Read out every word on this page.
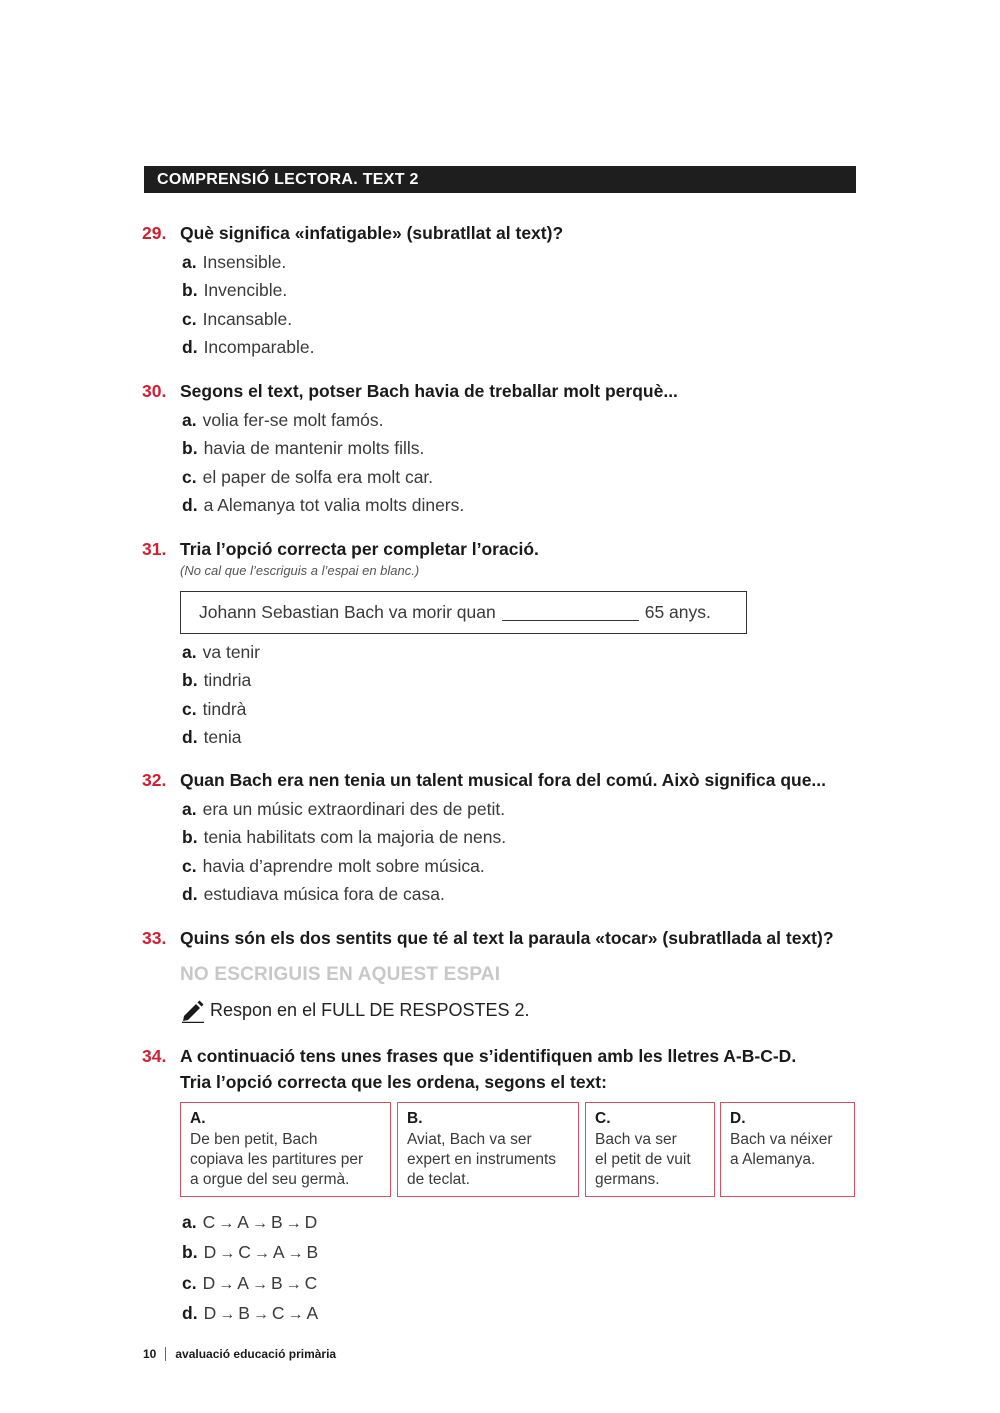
COMPRENSIÓ LECTORA. TEXT 2
29. Què significa «infatigable» (subratllat al text)?
a. Insensible.
b. Invencible.
c. Incansable.
d. Incomparable.
30. Segons el text, potser Bach havia de treballar molt perquè...
a. volia fer-se molt famós.
b. havia de mantenir molts fills.
c. el paper de solfa era molt car.
d. a Alemanya tot valia molts diners.
31. Tria l’opció correcta per completar l’oració.
(No cal que l’escriguis a l’espai en blanc.)
Johann Sebastian Bach va morir quan	65 anys.
a. va tenir
b. tindria
c. tindrà
d. tenia
32. Quan Bach era nen tenia un talent musical fora del comú. Això significa que...
a. era un músic extraordinari des de petit.
b. tenia habilitats com la majoria de nens.
c. havia d’aprendre molt sobre música.
d. estudiava música fora de casa.
33. Quins són els dos sentits que té al text la paraula «tocar» (subratllada al text)?
NO ESCRIGUIS EN AQUEST ESPAI
Respon en el FULL DE RESPOSTES 2.
34. A continuació tens unes frases que s’identifiquen amb les lletres A-B-C-D.
Tria l’opció correcta que les ordena, segons el text:
A.
De ben petit, Bach
copiava les partitures per
a orgue del seu germà.
B.
Aviat, Bach va ser
expert en instruments
de teclat.
C.
Bach va ser
el petit de vuit
germans.
D.
Bach va néixer
a Alemanya.
a. C → A → B → D
b. D → C → A → B
c. D → A → B → C
d. D → B → C → A
10 avaluació educació primària
